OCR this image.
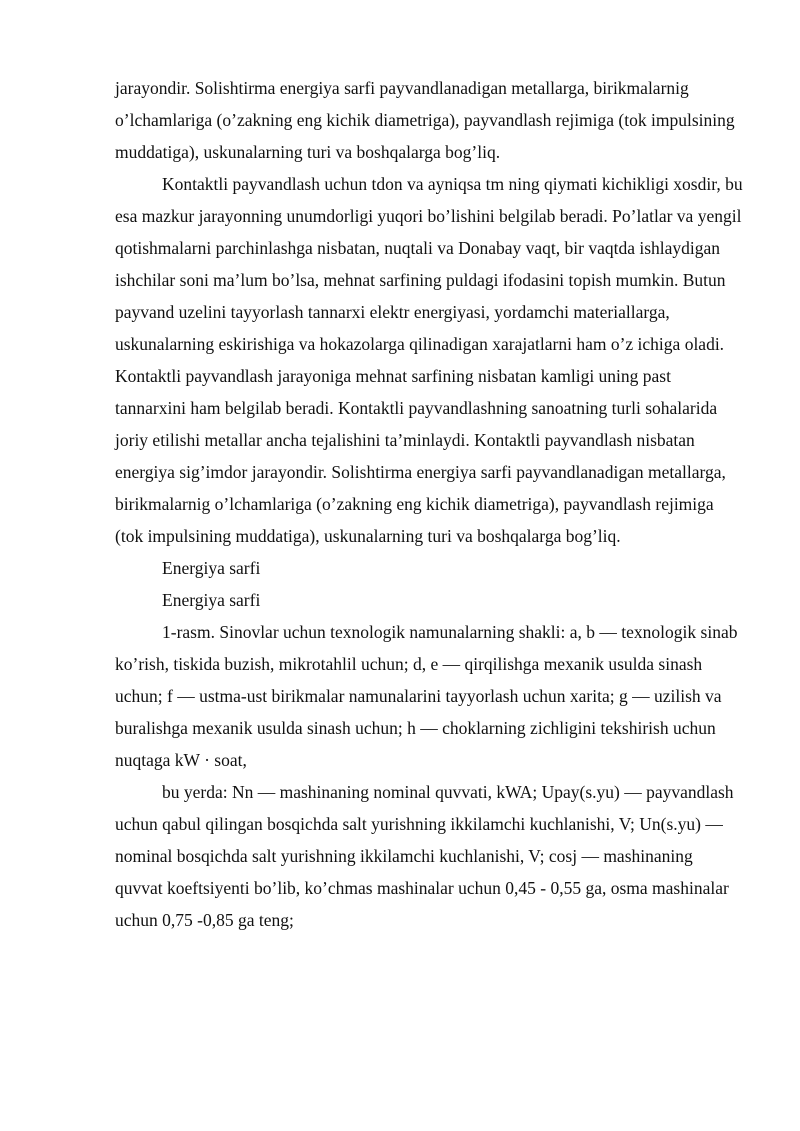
jarayondir. Solishtirma energiya sarfi payvandlanadigan metallarga, birikmalarnig o’lchamlariga (o’zakning eng kichik diametriga), payvandlash rejimiga (tok impulsining muddatiga), uskunalarning turi va boshqalarga bog’liq.

Kontaktli payvandlash uchun tdon va ayniqsa tm ning qiymati kichikligi xosdir, bu esa mazkur jarayonning unumdorligi yuqori bo’lishini belgilab beradi. Po’latlar va yengil qotishmalarni parchinlashga nisbatan, nuqtali va Donabay vaqt, bir vaqtda ishlaydigan ishchilar soni ma’lum bo’lsa, mehnat sarfining puldagi ifodasini topish mumkin. Butun payvand uzelini tayyorlash tannarxi elektr energiyasi, yordamchi materiallarga, uskunalarning eskirishiga va hokazolarga qilinadigan xarajatlarni ham o’z ichiga oladi. Kontaktli payvandlash jarayoniga mehnat sarfining nisbatan kamligi uning past tannarxini ham belgilab beradi. Kontaktli payvandlashning sanoatning turli sohalarida joriy etilishi metallar ancha tejalishini ta’minlaydi. Kontaktli payvandlash nisbatan energiya sig’imdor jarayondir. Solishtirma energiya sarfi payvandlanadigan metallarga, birikmalarnig o’lchamlariga (o’zakning eng kichik diametriga), payvandlash rejimiga (tok impulsining muddatiga), uskunalarning turi va boshqalarga bog’liq.

Energiya sarfi

Energiya sarfi

1-rasm. Sinovlar uchun texnologik namunalarning shakli: a, b — texnologik sinab ko’rish, tiskida buzish, mikrotahlil uchun; d, e — qirqilishga mexanik usulda sinash uchun; f — ustma-ust birikmalar namunalarini tayyorlash uchun xarita; g — uzilish va buralishga mexanik usulda sinash uchun; h — choklarning zichligini tekshirish uchun nuqtaga kW · soat,

bu yerda: Nn — mashinaning nominal quvvati, kWA; Upay(s.yu) — payvandlash uchun qabul qilingan bosqichda salt yurishning ikkilamchi kuchlanishi, V; Un(s.yu) — nominal bosqichda salt yurishning ikkilamchi kuchlanishi, V; cosj — mashinaning quvvat koeftsiyenti bo’lib, ko’chmas mashinalar uchun 0,45 - 0,55 ga, osma mashinalar uchun 0,75 -0,85 ga teng;
